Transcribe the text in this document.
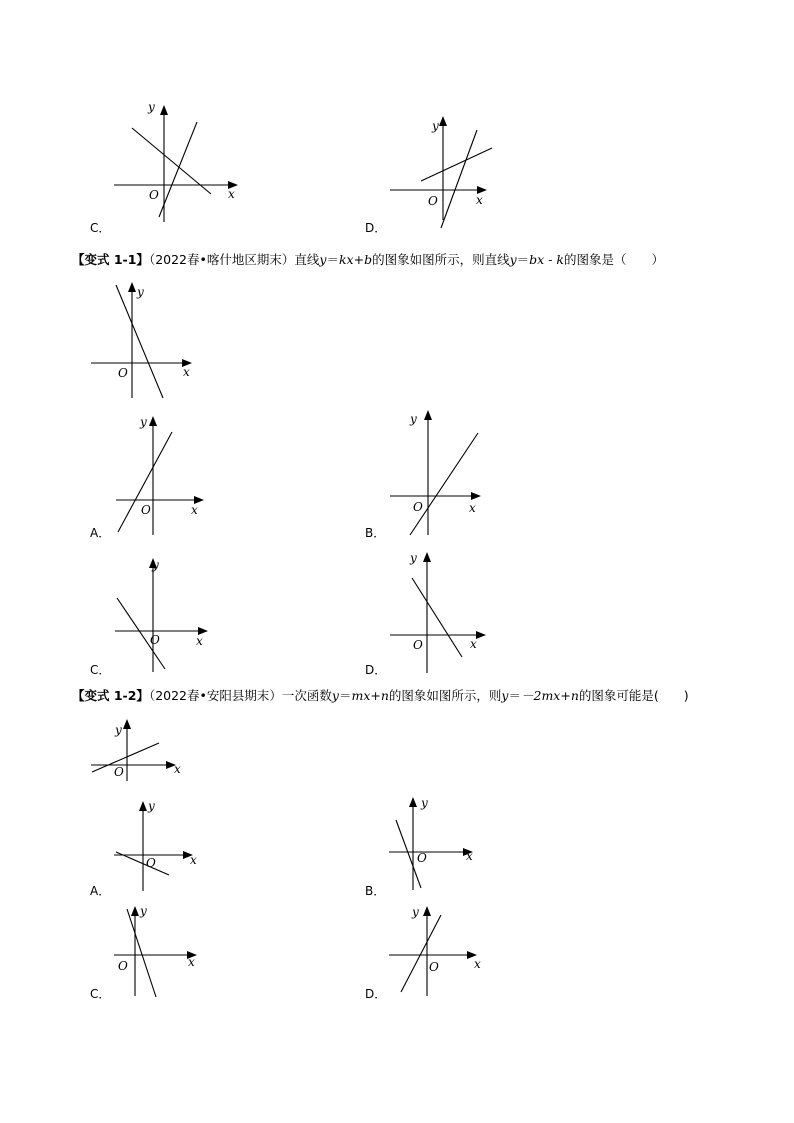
y
x
O
C．
y
x
O
D．
【变式 1-1】（2022春•喀什地区期末）直线y＝kx+b的图象如图所示，则直线y＝bx - k的图象是（　　）
y
x
O
y
x
O
A．
y
x
O
B．
y
x
O
C．
y
x
O
D．
【变式 1-2】（2022春•安阳县期末）一次函数y＝mx+n的图象如图所示，则y＝－2mx+n的图象可能是(　　)
y
x
O
y
x
O
A．
y
x
O
B．
y
x
O
C．
y
x
O
D．
